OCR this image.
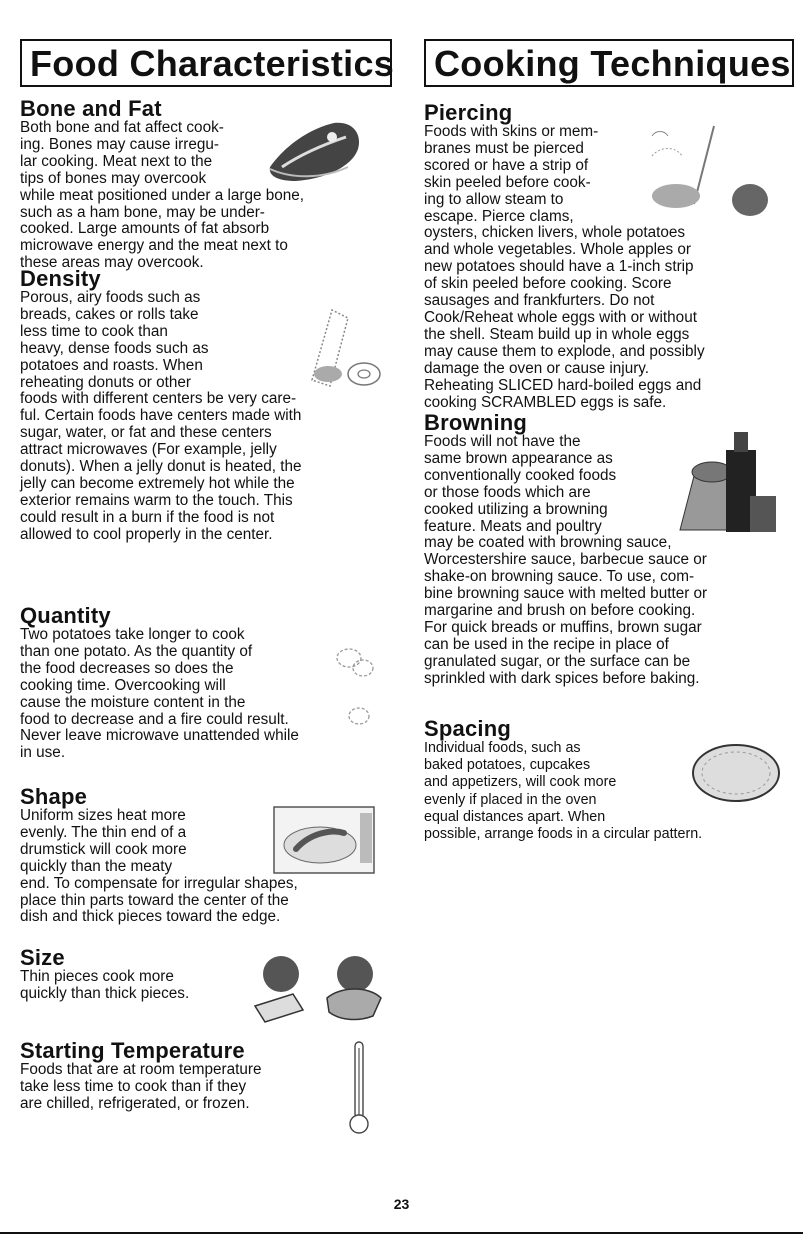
Food Characteristics Cooking Techniques
Bone and Fat

Both bone and fat affect cook-
ing. Bones may cause irregu-
lar cooking. Meat next to the
tips of bones may overcook
while meat positioned under a large bone,
such as a ham bone, may be under-
cooked. Large amounts of fat absorb
microwave energy and the meat next to
these areas may overcook.

Density

Porous, airy foods such as
breads, cakes or rolls take
less time to cook than
heavy, dense foods such as
potatoes and roasts. When
reheating donuts or other
foods with different centers be very care-
ful. Certain foods have centers made with
sugar, water, or fat and these centers
attract microwaves (For example, jelly
donuts). When a jelly donut is heated, the
jelly can become extremely hot while the
exterior remains warm to the touch. This
could result in a burn if the food is not
allowed to cool properly in the center.

Quantity

Two potatoes take longer to cook
than one potato. As the quantity of
the food decreases so does the
cooking time. Overcooking will
cause the moisture content in the
food to decrease and a fire could result.
Never leave microwave unattended while
in use.

Shape

Uniform sizes heat more
evenly. The thin end of a
drumstick will cook more
quickly than the meaty
end. To compensate for irregular shapes,
place thin parts toward the center of the
dish and thick pieces toward the edge.

Size

Thin pieces cook more
quickly than thick pieces.

Starting Temperature

Foods that are at room temperature
take less time to cook than if they
are chilled, refrigerated, or frozen.

Piercing

Foods with skins or mem-
branes must be pierced
scored or have a strip of
skin peeled before cook-
ing to allow steam to
escape. Pierce clams,
oysters, chicken livers, whole potatoes
and whole vegetables. Whole apples or
new potatoes should have a 1-inch strip
of skin peeled before cooking. Score
sausages and frankfurters. Do not
Cook/Reheat whole eggs with or without
the shell. Steam build up in whole eggs
may cause them to explode, and possibly
damage the oven or cause injury.
Reheating SLICED hard-boiled eggs and
cooking SCRAMBLED eggs is safe.

Browning

Foods will not have the
same brown appearance as
conventionally cooked foods
or those foods which are
cooked utilizing a browning
feature. Meats and poultry
may be coated with browning sauce,
Worcestershire sauce, barbecue sauce or
shake-on browning sauce. To use, com-
bine browning sauce with melted butter or
margarine and brush on before cooking.
For quick breads or muffins, brown sugar
can be used in the recipe in place of
granulated sugar, or the surface can be
sprinkled with dark spices before baking.

Spacing

Individual foods, such as
baked potatoes, cupcakes
and appetizers, will cook more
evenly if placed in the oven
equal distances apart. When
possible, arrange foods in a circular pattern.

23
